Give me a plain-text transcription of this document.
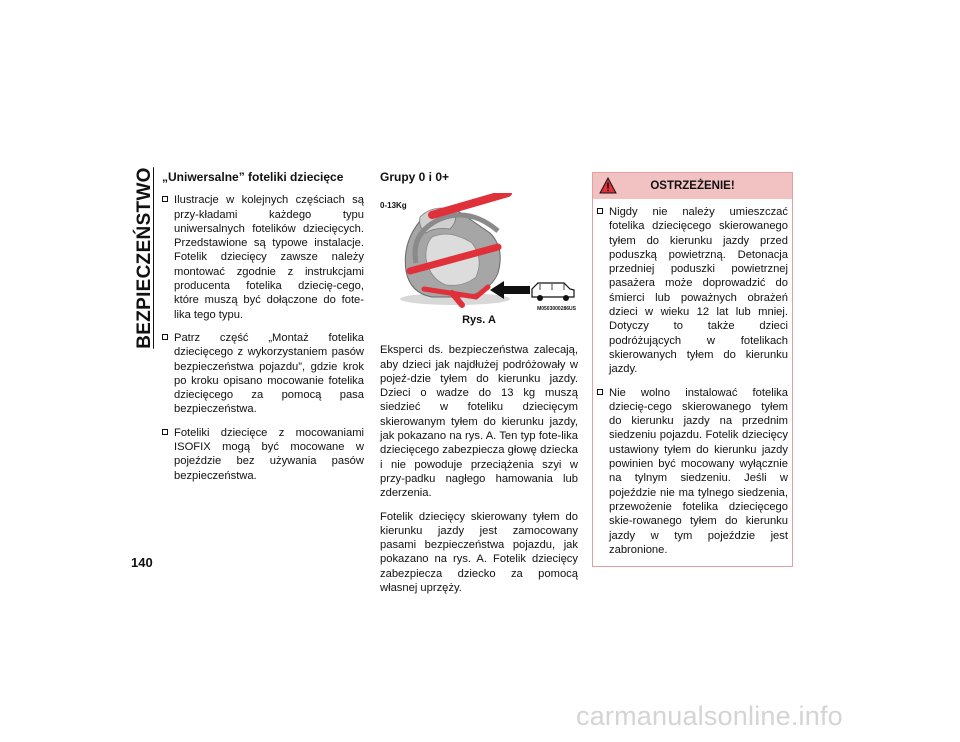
BEZPIECZEŃSTWO
140
„Uniwersalne” foteliki dziecięce
Ilustracje w kolejnych częściach są przy-kładami każdego typu uniwersalnych fotelików dziecięcych. Przedstawione są typowe instalacje. Fotelik dziecięcy zawsze należy montować zgodnie z instrukcjami producenta fotelika dziecię-cego, które muszą być dołączone do fote-lika tego typu.
Patrz część „Montaż fotelika dziecięcego z wykorzystaniem pasów bezpieczeństwa pojazdu”, gdzie krok po kroku opisano mocowanie fotelika dziecięcego za pomocą pasa bezpieczeństwa.
Foteliki dziecięce z mocowaniami ISOFIX mogą być mocowane w pojeździe bez używania pasów bezpieczeństwa.
Grupy 0 i 0+
0-13Kg
M0503000286US
Rys. A

Eksperci ds. bezpieczeństwa zalecają, aby dzieci jak najdłużej podróżowały w pojeź-dzie tyłem do kierunku jazdy. Dzieci o wadze do 13 kg muszą siedzieć w foteliku dziecięcym skierowanym tyłem do kierunku jazdy, jak pokazano na rys. A. Ten typ fote-lika dziecięcego zabezpiecza głowę dziecka i nie powoduje przeciążenia szyi w przy-padku nagłego hamowania lub zderzenia.

Fotelik dziecięcy skierowany tyłem do kierunku jazdy jest zamocowany pasami bezpieczeństwa pojazdu, jak pokazano na rys. A. Fotelik dziecięcy zabezpiecza dziecko za pomocą własnej uprzęży.

OSTRZEŻENIE!
Nigdy nie należy umieszczać fotelika dziecięcego skierowanego tyłem do kierunku jazdy przed poduszką powietrzną. Detonacja przedniej poduszki powietrznej pasażera może doprowadzić do śmierci lub poważnych obrażeń dzieci w wieku 12 lat lub mniej. Dotyczy to także dzieci podróżujących w fotelikach skierowanych tyłem do kierunku jazdy.
Nie wolno instalować fotelika dziecię-cego skierowanego tyłem do kierunku jazdy na przednim siedzeniu pojazdu. Fotelik dziecięcy ustawiony tyłem do kierunku jazdy powinien być mocowany wyłącznie na tylnym siedzeniu. Jeśli w pojeździe nie ma tylnego siedzenia, przewożenie fotelika dziecięcego skie-rowanego tyłem do kierunku jazdy w tym pojeździe jest zabronione.
carmanualsonline.info
